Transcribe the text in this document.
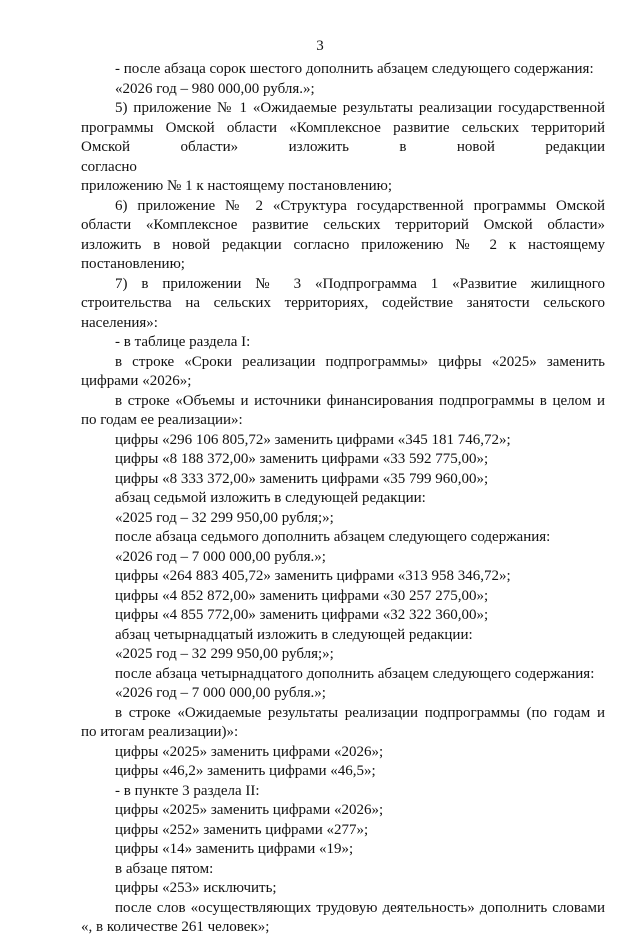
3

- после абзаца сорок шестого дополнить абзацем следующего содержания:

«2026 год – 980 000,00 рубля.»;

5) приложение № 1 «Ожидаемые результаты реализации государственной

программы Омской области «Комплексное развитие сельских территорий

Омской области» изложить в новой редакции согласно

приложению № 1 к настоящему постановлению;

6) приложение № 2 «Структура государственной программы Омской

области «Комплексное развитие сельских территорий Омской области»

изложить в новой редакции согласно приложению № 2 к настоящему

постановлению;

7) в приложении № 3 «Подпрограмма 1 «Развитие жилищного

строительства на сельских территориях, содействие занятости сельского

населения»:

- в таблице раздела I:

в строке «Сроки реализации подпрограммы» цифры «2025» заменить

цифрами «2026»;

в строке «Объемы и источники финансирования подпрограммы в целом и

по годам ее реализации»:

цифры «296 106 805,72» заменить цифрами «345 181 746,72»;

цифры «8 188 372,00» заменить цифрами «33 592 775,00»;

цифры «8 333 372,00» заменить цифрами «35 799 960,00»;

абзац седьмой изложить в следующей редакции:

«2025 год – 32 299 950,00 рубля;»;

после абзаца седьмого дополнить абзацем следующего содержания:

«2026 год – 7 000 000,00 рубля.»;

цифры «264 883 405,72» заменить цифрами «313 958 346,72»;

цифры «4 852 872,00» заменить цифрами «30 257 275,00»;

цифры «4 855 772,00» заменить цифрами «32 322 360,00»;

абзац четырнадцатый изложить в следующей редакции:

«2025 год – 32 299 950,00 рубля;»;

после абзаца четырнадцатого дополнить абзацем следующего содержания:

«2026 год – 7 000 000,00 рубля.»;

в строке «Ожидаемые результаты реализации подпрограммы (по годам и

по итогам реализации)»:

цифры «2025» заменить цифрами «2026»;

цифры «46,2» заменить цифрами «46,5»;

- в пункте 3 раздела II:

цифры «2025» заменить цифрами «2026»;

цифры «252» заменить цифрами «277»;

цифры «14» заменить цифрами «19»;

в абзаце пятом:

цифры «253» исключить;

после слов «осуществляющих трудовую деятельность» дополнить словами

«, в количестве 261 человек»;
